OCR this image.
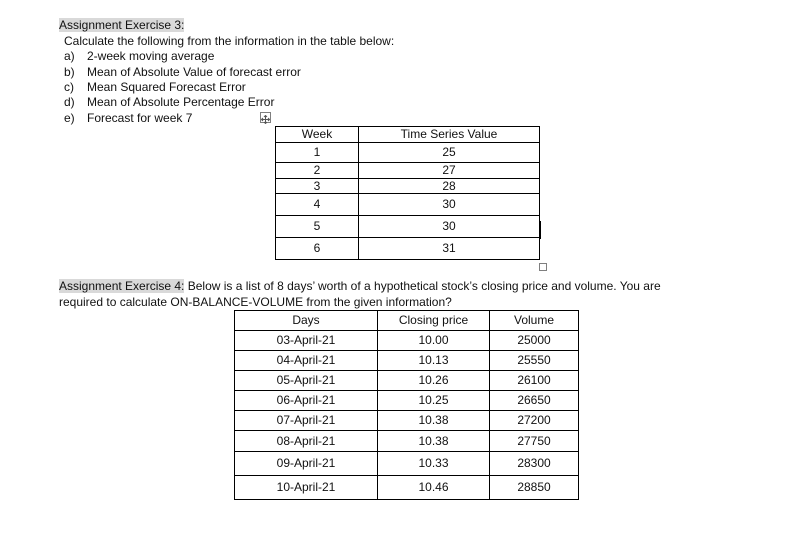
Assignment Exercise 3:
Calculate the following from the information in the table below:
a) 2-week moving average
b) Mean of Absolute Value of forecast error
c) Mean Squared Forecast Error
d) Mean of Absolute Percentage Error
e) Forecast for week 7
Week	Time Series Value
1	25
2	27
3	28
4	30
5	30
6	31
Assignment Exercise 4: Below is a list of 8 days’ worth of a hypothetical stock’s closing price and volume. You are
required to calculate ON-BALANCE-VOLUME from the given information?
Days	Closing price	Volume
03-April-21	10.00	25000
04-April-21	10.13	25550
05-April-21	10.26	26100
06-April-21	10.25	26650
07-April-21	10.38	27200
08-April-21	10.38	27750
09-April-21	10.33	28300
10-April-21	10.46	28850
